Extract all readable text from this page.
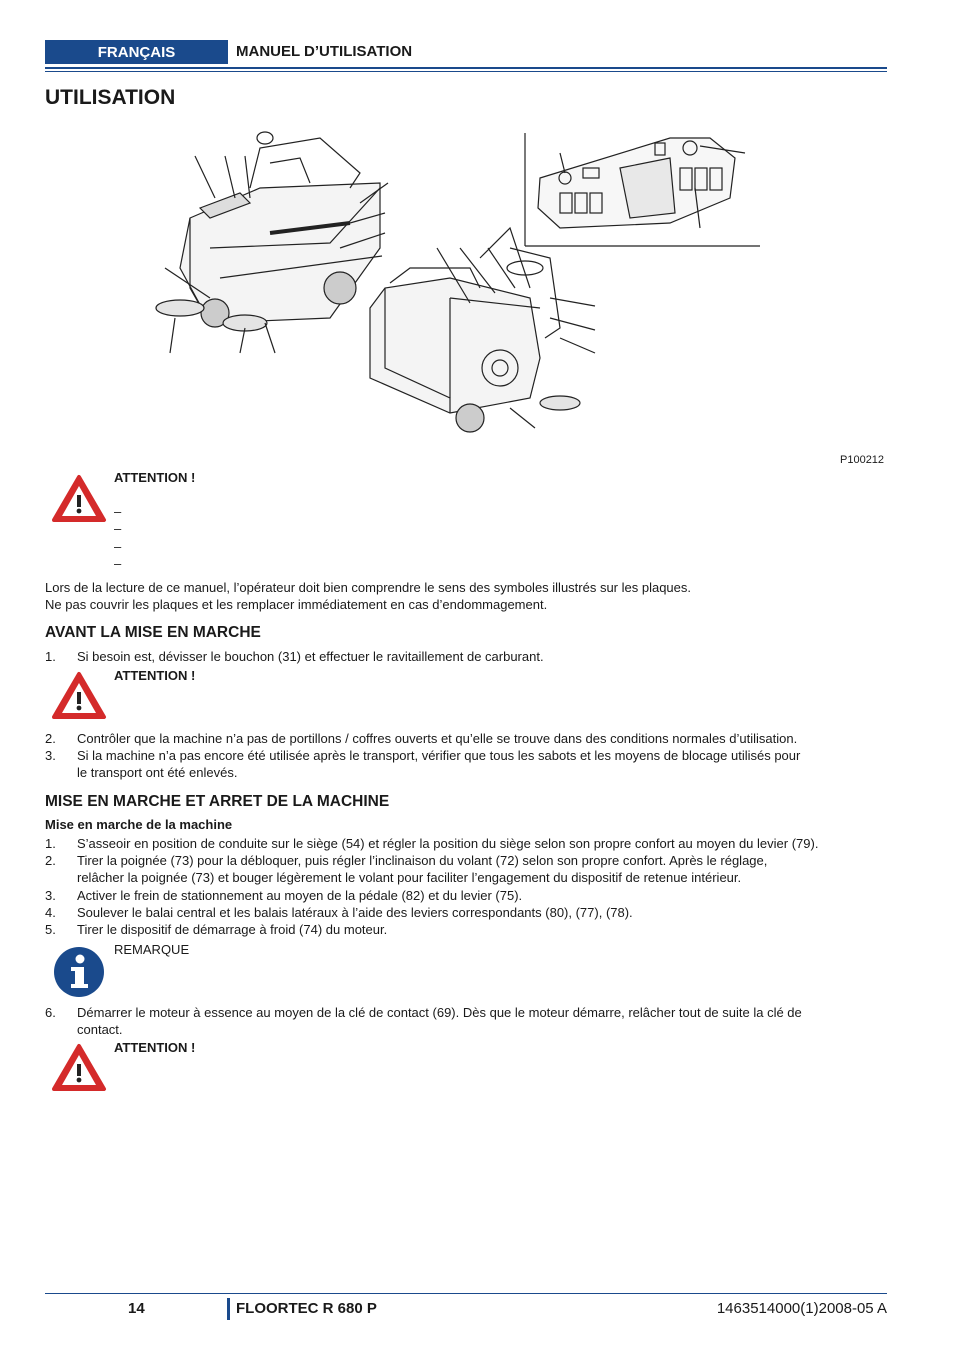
FRANÇAIS	MANUEL D’UTILISATION
UTILISATION
P100212
ATTENTION !
–
–
–
–
Lors de la lecture de ce manuel, l’opérateur doit bien comprendre le sens des symboles illustrés sur les plaques.
Ne pas couvrir les plaques et les remplacer immédiatement en cas d’endommagement.
AVANT LA MISE EN MARCHE
1. Si besoin est, dévisser le bouchon (31) et effectuer le ravitaillement de carburant.
ATTENTION !
2. Contrôler que la machine n’a pas de portillons / coffres ouverts et qu’elle se trouve dans des conditions normales d’utilisation.
3. Si la machine n’a pas encore été utilisée après le transport, vérifier que tous les sabots et les moyens de blocage utilisés pour
le transport ont été enlevés.
MISE EN MARCHE ET ARRET DE LA MACHINE
Mise en marche de la machine
1. S’asseoir en position de conduite sur le siège (54) et régler la position du siège selon son propre confort au moyen du levier (79).
2. Tirer la poignée (73) pour la débloquer, puis régler l’inclinaison du volant (72) selon son propre confort. Après le réglage,
relâcher la poignée (73) et bouger légèrement le volant pour faciliter l’engagement du dispositif de retenue intérieur.
3. Activer le frein de stationnement au moyen de la pédale (82) et du levier (75).
4. Soulever le balai central et les balais latéraux à l’aide des leviers correspondants (80), (77), (78).
5. Tirer le dispositif de démarrage à froid (74) du moteur.
REMARQUE
6. Démarrer le moteur à essence au moyen de la clé de contact (69). Dès que le moteur démarre, relâcher tout de suite la clé de
contact.
ATTENTION !
14	FLOORTEC R 680 P	1463514000(1)2008-05 A
